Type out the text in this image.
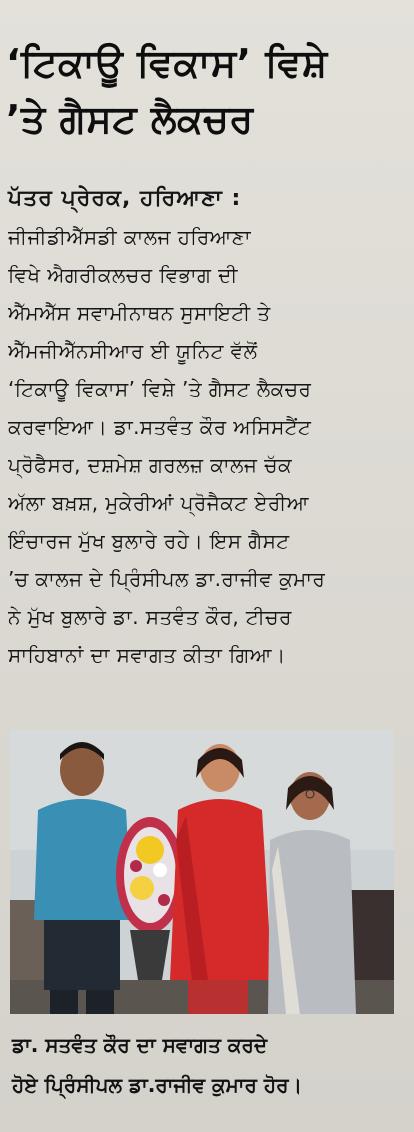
‘ਟਿਕਾਊ ਵਿਕਾਸ’ ਵਿਸ਼ੇ
’ਤੇ ਗੈਸਟ ਲੈਕਚਰ
ਪੱਤਰ ਪ੍ਰੇਰਕ, ਹਰਿਆਣਾ :
ਜੀਜੀਡੀਐੱਸਡੀ ਕਾਲਜ ਹਰਿਆਣਾ
ਵਿਖੇ ਐਗਰੀਕਲਚਰ ਵਿਭਾਗ ਦੀ
ਐੱਮਐੱਸ ਸਵਾਮੀਨਾਥਨ ਸੁਸਾਇਟੀ ਤੇ
ਐੱਮਜੀਐੱਨਸੀਆਰ ਈ ਯੂਨਿਟ ਵੱਲੋਂ
‘ਟਿਕਾਊ ਵਿਕਾਸ’ ਵਿਸ਼ੇ ’ਤੇ ਗੈਸਟ ਲੈਕਚਰ
ਕਰਵਾਇਆ। ਡਾ.ਸਤਵੰਤ ਕੌਰ ਅਸਿਸਟੈਂਟ
ਪ੍ਰੋਫੈਸਰ, ਦਸ਼ਮੇਸ਼ ਗਰਲਜ਼ ਕਾਲਜ ਚੱਕ
ਅੱਲਾ ਬਖ਼ਸ਼, ਮੁਕੇਰੀਆਂ ਪ੍ਰੋਜੈਕਟ ਏਰੀਆ
ਇੰਚਾਰਜ ਮੁੱਖ ਬੁਲਾਰੇ ਰਹੇ। ਇਸ ਗੈਸਟ
’ਚ ਕਾਲਜ ਦੇ ਪ੍ਰਿੰਸੀਪਲ ਡਾ.ਰਾਜੀਵ ਕੁਮਾਰ
ਨੇ ਮੁੱਖ ਬੁਲਾਰੇ ਡਾ. ਸਤਵੰਤ ਕੌਰ, ਟੀਚਰ
ਸਾਹਿਬਾਨਾਂ ਦਾ ਸਵਾਗਤ ਕੀਤਾ ਗਿਆ।
ਡਾ. ਸਤਵੰਤ ਕੌਰ ਦਾ ਸਵਾਗਤ ਕਰਦੇ
ਹੋਏ ਪ੍ਰਿੰਸੀਪਲ ਡਾ.ਰਾਜੀਵ ਕੁਮਾਰ ਹੋਰ।
